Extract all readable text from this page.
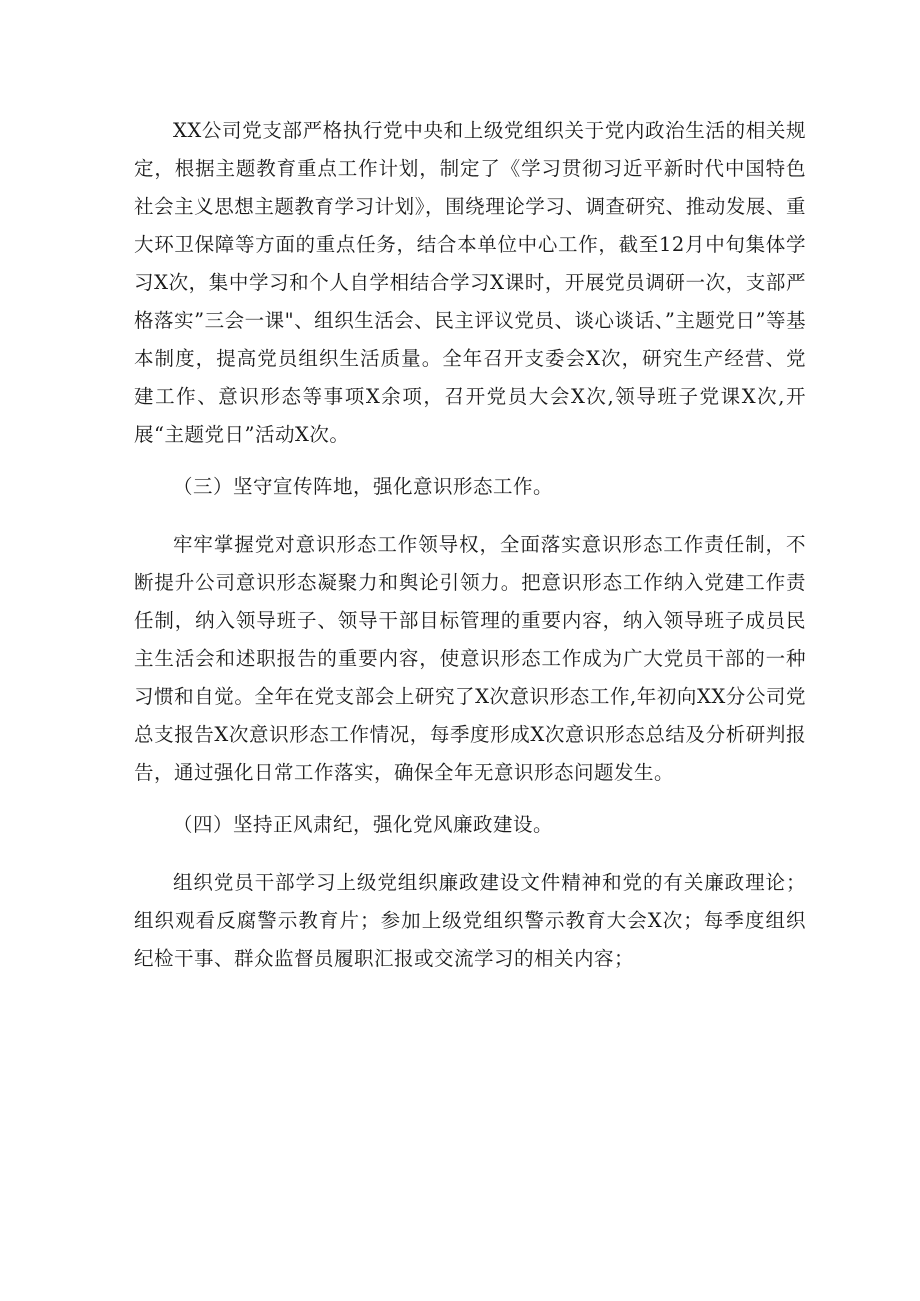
XX公司党支部严格执行党中央和上级党组织关于党内政治生活的相关规定，根据主题教育重点工作计划，制定了《学习贯彻习近平新时代中国特色社会主义思想主题教育学习计划》，围绕理论学习、调查研究、推动发展、重大环卫保障等方面的重点任务，结合本单位中心工作，截至12月中旬集体学习X次，集中学习和个人自学相结合学习X课时，开展党员调研一次，支部严格落实”三会一课"、组织生活会、民主评议党员、谈心谈话、”主题党日”等基本制度，提高党员组织生活质量。全年召开支委会X次，研究生产经营、党建工作、意识形态等事项X余项，召开党员大会X次,领导班子党课X次,开展“主题党日”活动X次。

（三）坚守宣传阵地，强化意识形态工作。

牢牢掌握党对意识形态工作领导权，全面落实意识形态工作责任制，不断提升公司意识形态凝聚力和舆论引领力。把意识形态工作纳入党建工作责任制，纳入领导班子、领导干部目标管理的重要内容，纳入领导班子成员民主生活会和述职报告的重要内容，使意识形态工作成为广大党员干部的一种习惯和自觉。全年在党支部会上研究了X次意识形态工作,年初向XX分公司党总支报告X次意识形态工作情况，每季度形成X次意识形态总结及分析研判报告，通过强化日常工作落实，确保全年无意识形态问题发生。

（四）坚持正风肃纪，强化党风廉政建设。

组织党员干部学习上级党组织廉政建设文件精神和党的有关廉政理论；组织观看反腐警示教育片；参加上级党组织警示教育大会X次；每季度组织纪检干事、群众监督员履职汇报或交流学习的相关内容；
